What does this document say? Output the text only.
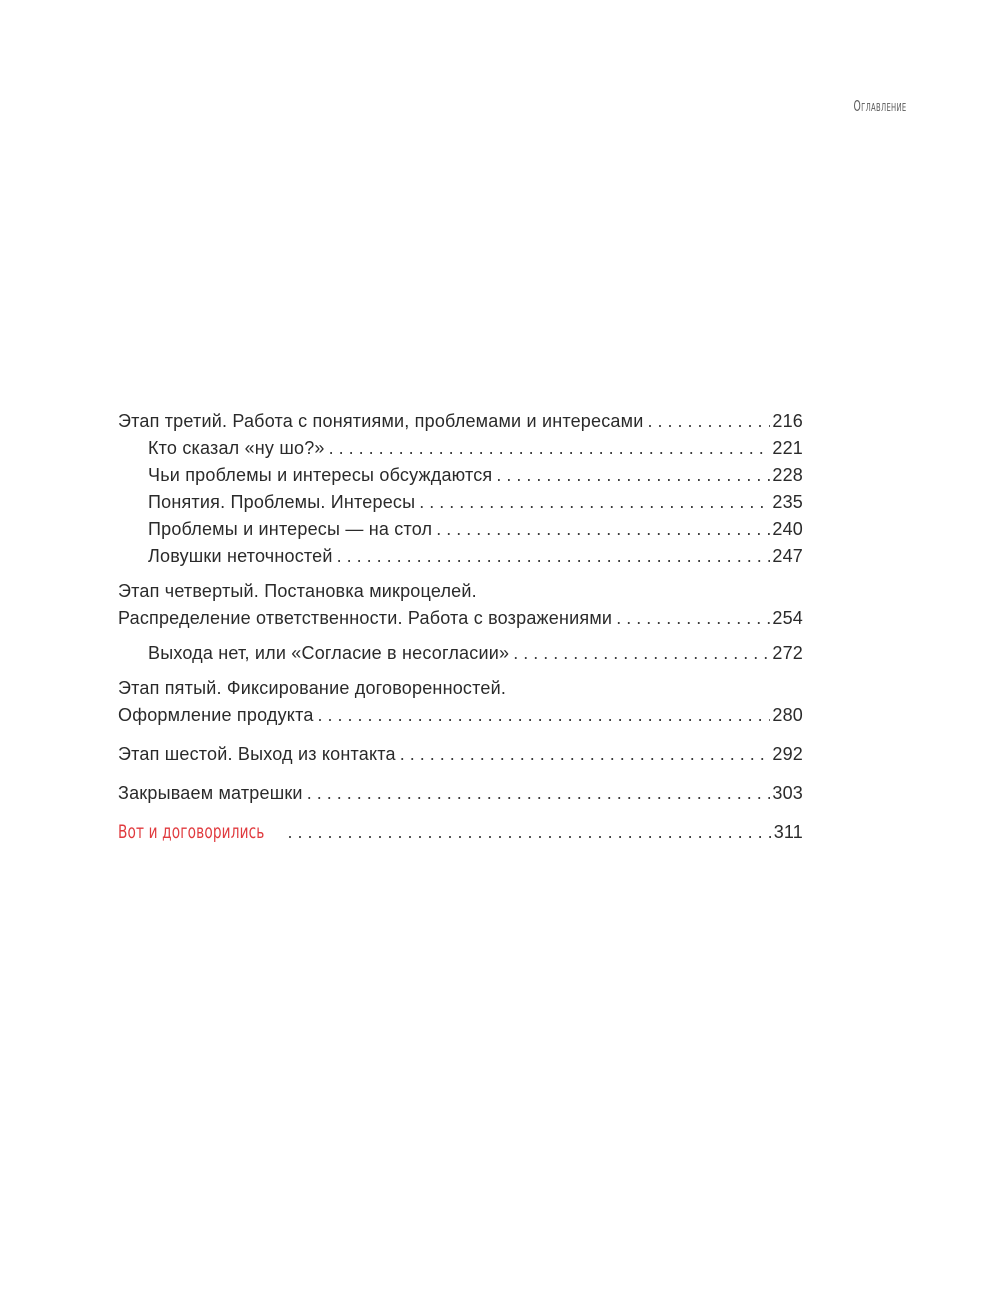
Оглавление
Этап третий. Работа с понятиями, проблемами и интересами . . .	216
Кто сказал «ну шо?» . . .	221
Чьи проблемы и интересы обсуждаются . . .	228
Понятия. Проблемы. Интересы . . .	235
Проблемы и интересы — на стол . . .	240
Ловушки неточностей . . .	247
Этап четвертый. Постановка микроцелей.
Распределение ответственности. Работа с возражениями . . .	254
Выхода нет, или «Согласие в несогласии» . . .	272
Этап пятый. Фиксирование договоренностей.
Оформление продукта . . .	280
Этап шестой. Выход из контакта . . .	292
Закрываем матрешки . . .	303
Вот и договорились . . .	311
